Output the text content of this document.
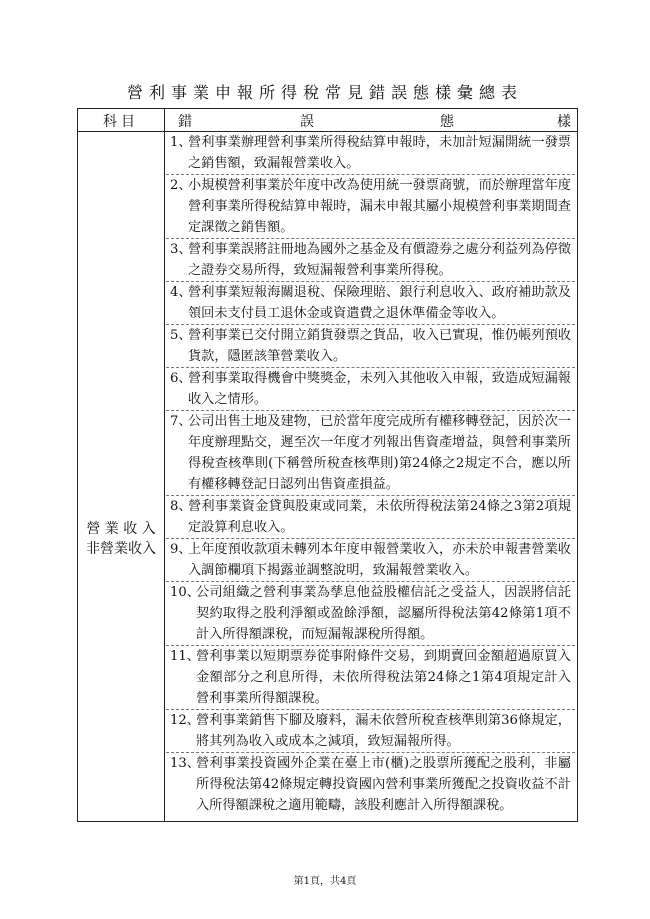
營利事業申報所得稅常見錯誤態樣彙總表
科目	錯	誤	態	樣
營 業 收 入
非營業收入
1、
營利事業辦理營利事業所得稅結算申報時，未加計短漏開統一發票之銷售額，致漏報營業收入。
2、
小規模營利事業於年度中改為使用統一發票商號，而於辦理當年度營利事業所得稅結算申報時，漏未申報其屬小規模營利事業期間查定課徵之銷售額。
3、
營利事業誤將註冊地為國外之基金及有價證券之處分利益列為停徵之證券交易所得，致短漏報營利事業所得稅。
4、
營利事業短報海關退稅、保險理賠、銀行利息收入、政府補助款及領回未支付員工退休金或資遣費之退休準備金等收入。
5、
營利事業已交付開立銷貨發票之貨品，收入已實現，惟仍帳列預收貨款，隱匿該筆營業收入。
6、
營利事業取得機會中獎獎金，未列入其他收入申報，致造成短漏報收入之情形。
7、
公司出售土地及建物，已於當年度完成所有權移轉登記，因於次一年度辦理點交，遲至次一年度才列報出售資產增益，與營利事業所得稅查核準則(下稱營所稅查核準則)第24條之2規定不合，應以所有權移轉登記日認列出售資產損益。
8、
營利事業資金貸與股東或同業，未依所得稅法第24條之3第2項規定設算利息收入。
9、
上年度預收款項未轉列本年度申報營業收入，亦未於申報書營業收入調節欄項下揭露並調整說明，致漏報營業收入。
10、
公司組織之營利事業為孳息他益股權信託之受益人，因誤將信託契約取得之股利淨額或盈餘淨額，認屬所得稅法第42條第1項不計入所得額課稅，而短漏報課稅所得額。
11、
營利事業以短期票券從事附條件交易，到期賣回金額超過原買入金額部分之利息所得，未依所得稅法第24條之1第4項規定計入營利事業所得額課稅。
12、
營利事業銷售下腳及廢料，漏未依營所稅查核準則第36條規定，將其列為收入或成本之減項，致短漏報所得。
13、
營利事業投資國外企業在臺上市(櫃)之股票所獲配之股利，非屬所得稅法第42條規定轉投資國內營利事業所獲配之投資收益不計入所得額課稅之適用範疇，該股利應計入所得額課稅。
第1頁，共4頁
